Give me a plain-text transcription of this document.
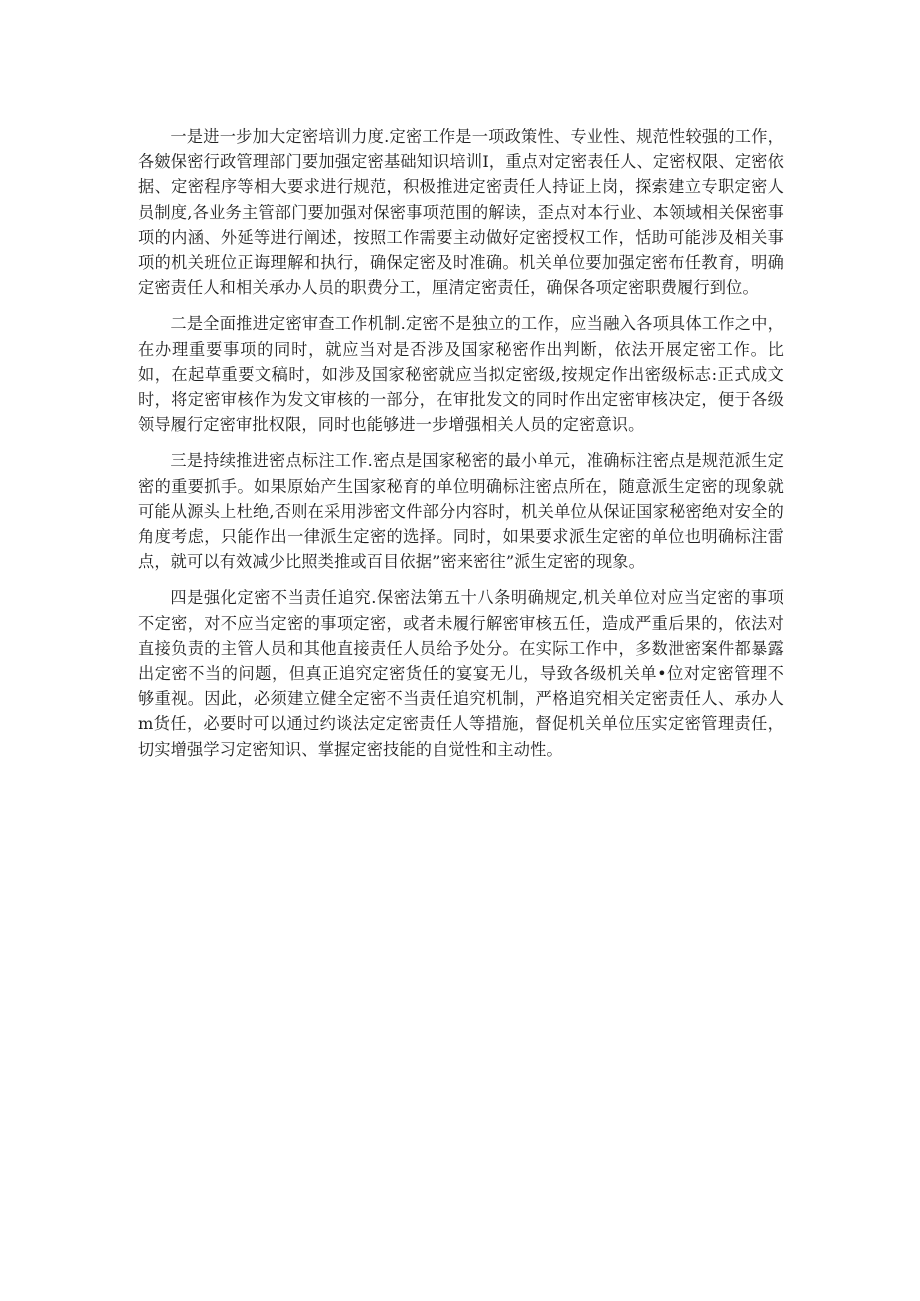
一是进一步加大定密培训力度.定密工作是一项政策性、专业性、规范性较强的工作，各皴保密行政管理部门要加强定密基础知识培训I，重点对定密表任人、定密权限、定密依据、定密程序等相大要求进行规范，积极推进定密责任人持证上岗，探索建立专职定密人员制度,各业务主管部门要加强对保密事项范围的解读，歪点对本行业、本领域相关保密事项的内涵、外延等进行阐述，按照工作需要主动做好定密授权工作，恬助可能涉及相关事项的机关班位正诲理解和执行，确保定密及时准确。机关单位要加强定密布任教育，明确定密责任人和相关承办人员的职费分工，厘清定密责任，确保各项定密职费履行到位。

二是全面推进定密审查工作机制.定密不是独立的工作，应当融入各项具体工作之中，在办理重要事项的同时，就应当对是否涉及国家秘密作出判断，依法开展定密工作。比如，在起草重要文稿时，如涉及国家秘密就应当拟定密级,按规定作出密级标志:正式成文时，将定密审核作为发文审核的一部分，在审批发文的同时作出定密审核决定，便于各级领导履行定密审批权限，同时也能够进一步增强相关人员的定密意识。

三是持续推进密点标注工作.密点是国家秘密的最小单元，准确标注密点是规范派生定密的重要抓手。如果原始产生国家秘育的单位明确标注密点所在，随意派生定密的现象就可能从源头上杜绝,否则在采用涉密文件部分内容时，机关单位从保证国家秘密绝对安全的角度考虑，只能作出一律派生定密的选择。同时，如果要求派生定密的单位也明确标注雷点，就可以有效减少比照类推或百目依据”密来密往”派生定密的现象。

四是强化定密不当责任追究.保密法第五十八条明确规定,机关单位对应当定密的事项不定密，对不应当定密的事项定密，或者未履行解密审核五任，造成严重后果的，依法对直接负责的主管人员和其他直接责任人员给予处分。在实际工作中，多数泄密案件都暴露出定密不当的问题，但真正追究定密货任的宴宴无儿，导致各级机关单•位对定密管理不够重视。因此，必须建立健全定密不当责任追究机制，严格追究相关定密责任人、承办人m货任，必要时可以通过约谈法定定密责任人等措施，督促机关单位压实定密管理责任，切实增强学习定密知识、掌握定密技能的自觉性和主动性。
